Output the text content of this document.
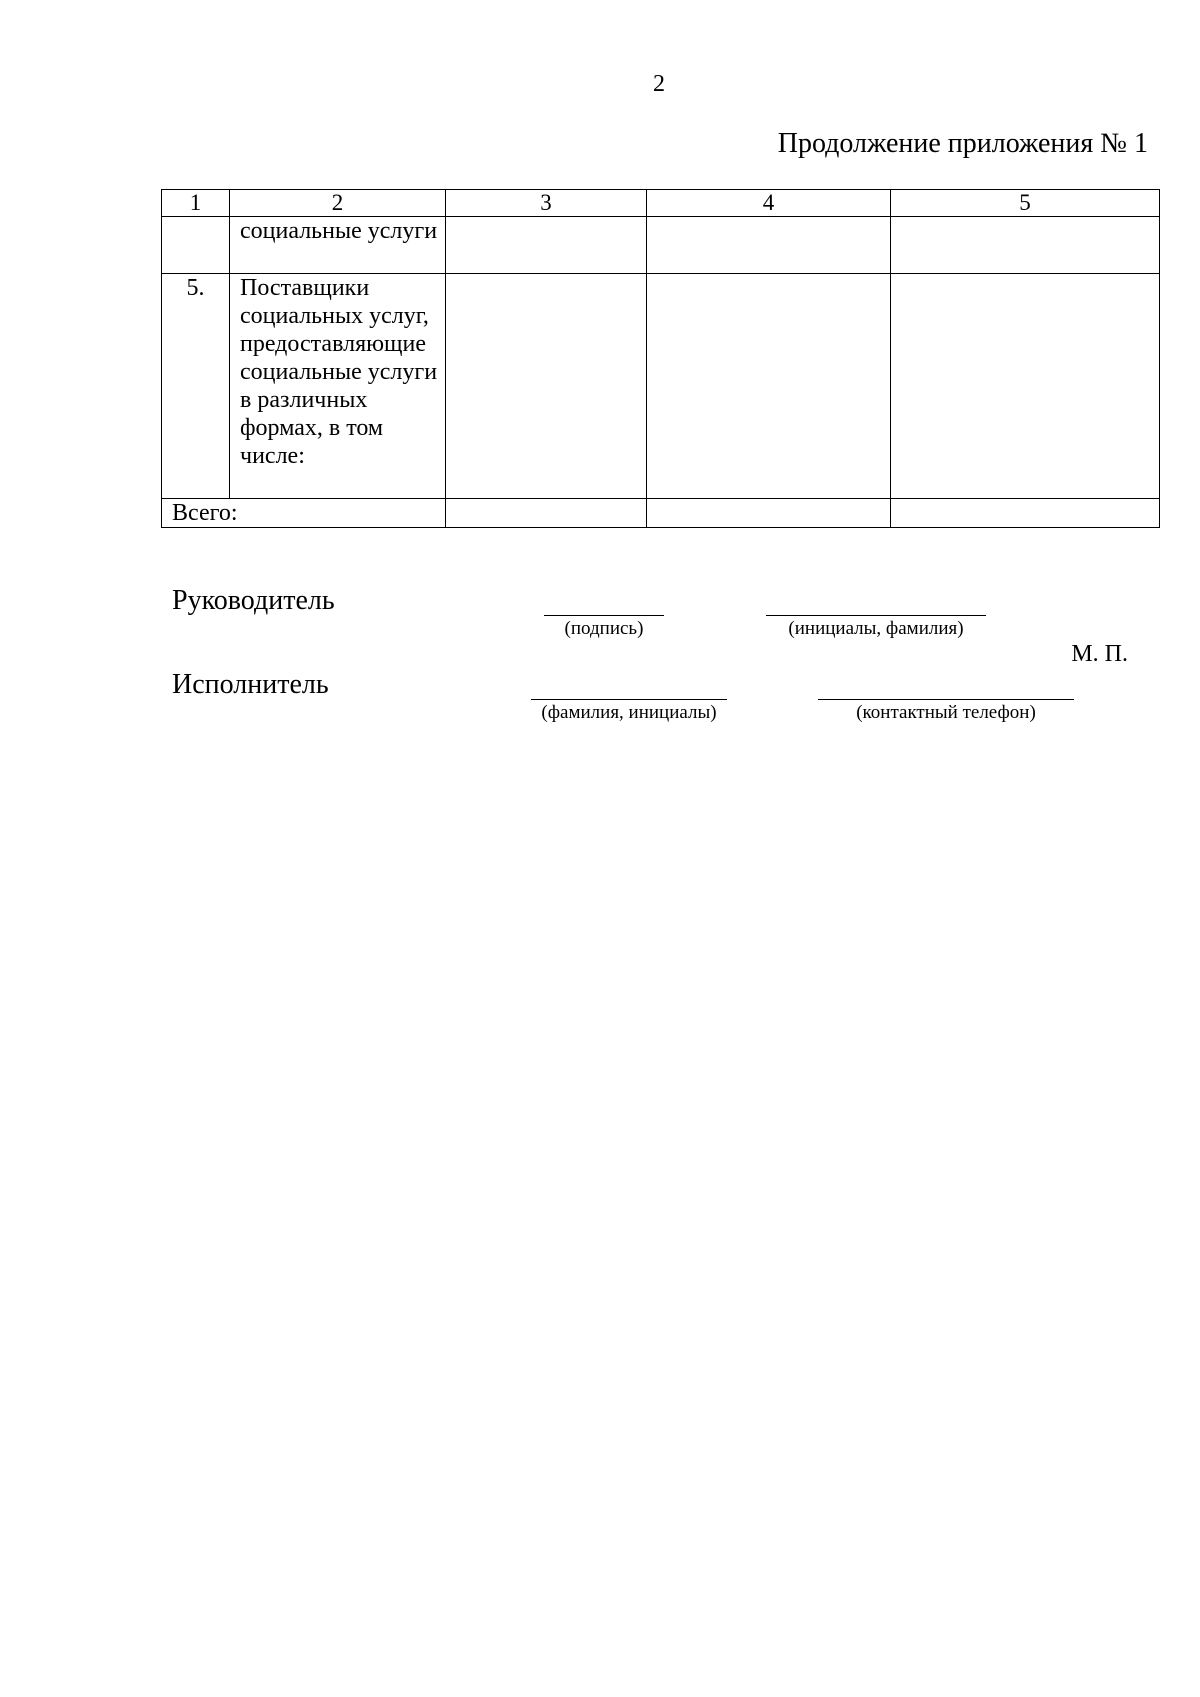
2
Продолжение приложения № 1
1	2	3	4	5

	социальные услуги			

5.	Поставщики социальных услуг, предоставляющие социальные услуги в различных формах, в том числе:			

Всего:				
Руководитель
(подпись)	(инициалы, фамилия)
М. П.
Исполнитель
(фамилия, инициалы)	(контактный телефон)
